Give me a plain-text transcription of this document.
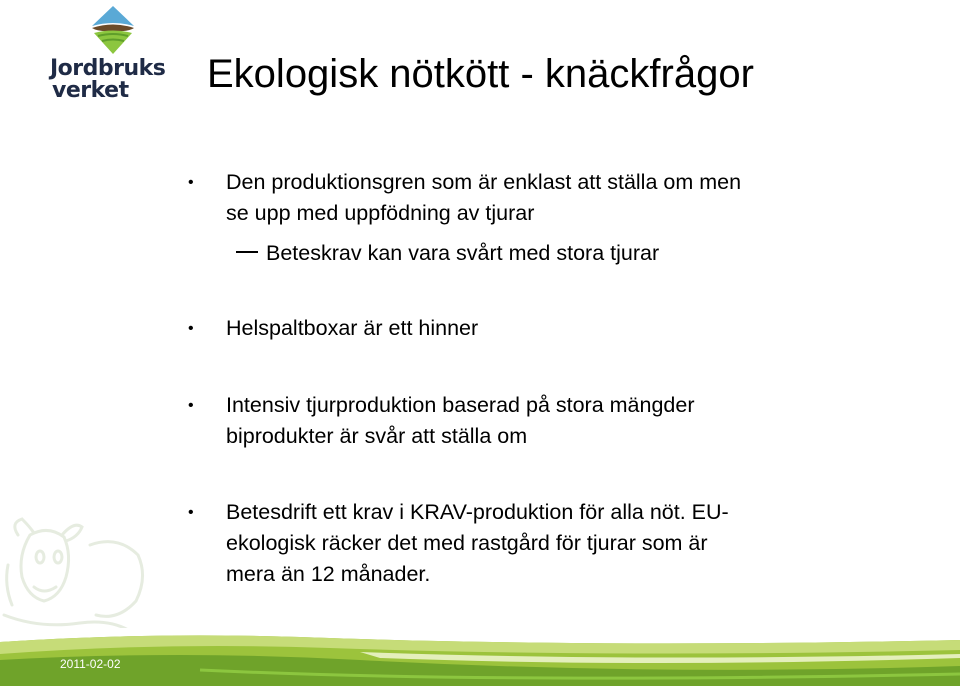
Jordbruks
verket Ekologisk nötkött - knäckfrågor
•	Den produktionsgren som är enklast att ställa om men
se upp med uppfödning av tjurar
Beteskrav kan vara svårt med stora tjurar
•	Helspaltboxar är ett hinner
•	Intensiv tjurproduktion baserad på stora mängder
biprodukter är svår att ställa om
•	Betesdrift ett krav i KRAV-produktion för alla nöt. EU-
ekologisk räcker det med rastgård för tjurar som är
mera än 12 månader.
2011-02-02
